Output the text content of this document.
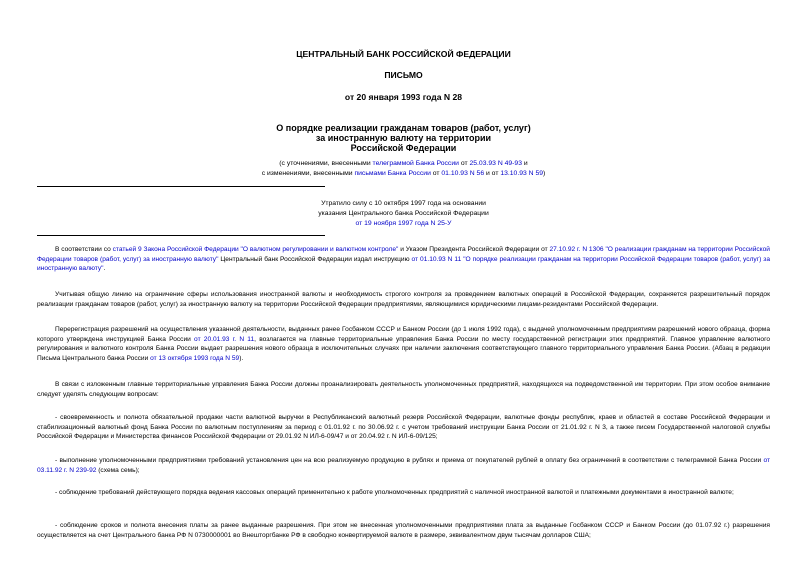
ЦЕНТРАЛЬНЫЙ БАНК РОССИЙСКОЙ ФЕДЕРАЦИИ
ПИСЬМО
от 20 января 1993 года N 28
О порядке реализации гражданам товаров (работ, услуг)
за иностранную валюту на территории
Российской Федерации
(с уточнениями, внесенными телеграммой Банка России от 25.03.93 N 49-93 и
с изменениями, внесенными письмами Банка России от 01.10.93 N 56 и от 13.10.93 N 59)
Утратило силу с 10 октября 1997 года на основании
указания Центрального банка Российской Федерации
от 19 ноября 1997 года N 25-У
В соответствии со статьей 9 Закона Российской Федерации "О валютном регулировании и валютном контроле" и Указом Президента Российской Федерации от 27.10.92 г. N 1306 "О реализации гражданам на территории Российской Федерации товаров (работ, услуг) за иностранную валюту" Центральный банк Российской Федерации издал инструкцию от 01.10.93 N 11 "О порядке реализации гражданам на территории Российской Федерации товаров (работ, услуг) за иностранную валюту".
Учитывая общую линию на ограничение сферы использования иностранной валюты и необходимость строгого контроля за проведением валютных операций в Российской Федерации, сохраняется разрешительный порядок реализации гражданам товаров (работ, услуг) за иностранную валюту на территории Российской Федерации предприятиями, являющимися юридическими лицами-резидентами Российской Федерации.
Перерегистрация разрешений на осуществления указанной деятельности, выданных ранее Госбанком СССР и Банком России (до 1 июля 1992 года), с выдачей уполномоченным предприятиям разрешений нового образца, форма которого утверждена инструкцией Банка России от 20.01.93 г. N 11, возлагается на главные территориальные управления Банка России по месту государственной регистрации этих предприятий. Главное управление валютного регулирования и валютного контроля Банка России выдает разрешения нового образца в исключительных случаях при наличии заключения соответствующего главного территориального управления Банка России. (Абзац в редакции Письма Центрального банка России от 13 октября 1993 года N 59).
В связи с изложенным главные территориальные управления Банка России должны проанализировать деятельность уполномоченных предприятий, находящихся на подведомственной им территории. При этом особое внимание следует уделять следующим вопросам:
- своевременность и полнота обязательной продажи части валютной выручки в Республиканский валютный резерв Российской Федерации, валютные фонды республик, краев и областей в составе Российской Федерации и стабилизационный валютный фонд Банка России по валютным поступлениям за период с 01.01.92 г. по 30.06.92 г. с учетом требований инструкции Банка России от 21.01.92 г. N 3, а также писем Государственной налоговой службы Российской Федерации и Министерства финансов Российской Федерации от 29.01.92 N ИЛ-6-09/47 и от 20.04.92 г. N ИЛ-6-09/125;
- выполнение уполномоченными предприятиями требований установления цен на всю реализуемую продукцию в рублях и приема от покупателей рублей в оплату без ограничений в соответствии с телеграммой Банка России от 03.11.92 г. N 239-92 (схема семь);
- соблюдение требований действующего порядка ведения кассовых операций применительно к работе уполномоченных предприятий с наличной иностранной валютой и платежными документами в иностранной валюте;
- соблюдение сроков и полнота внесения платы за ранее выданные разрешения. При этом не внесенная уполномоченными предприятиями плата за выданные Госбанком СССР и Банком России (до 01.07.92 г.) разрешения осуществляется на счет Центрального банка РФ N 0730000001 во Внешторгбанке РФ в свободно конвертируемой валюте в размере, эквивалентном двум тысячам долларов США;
